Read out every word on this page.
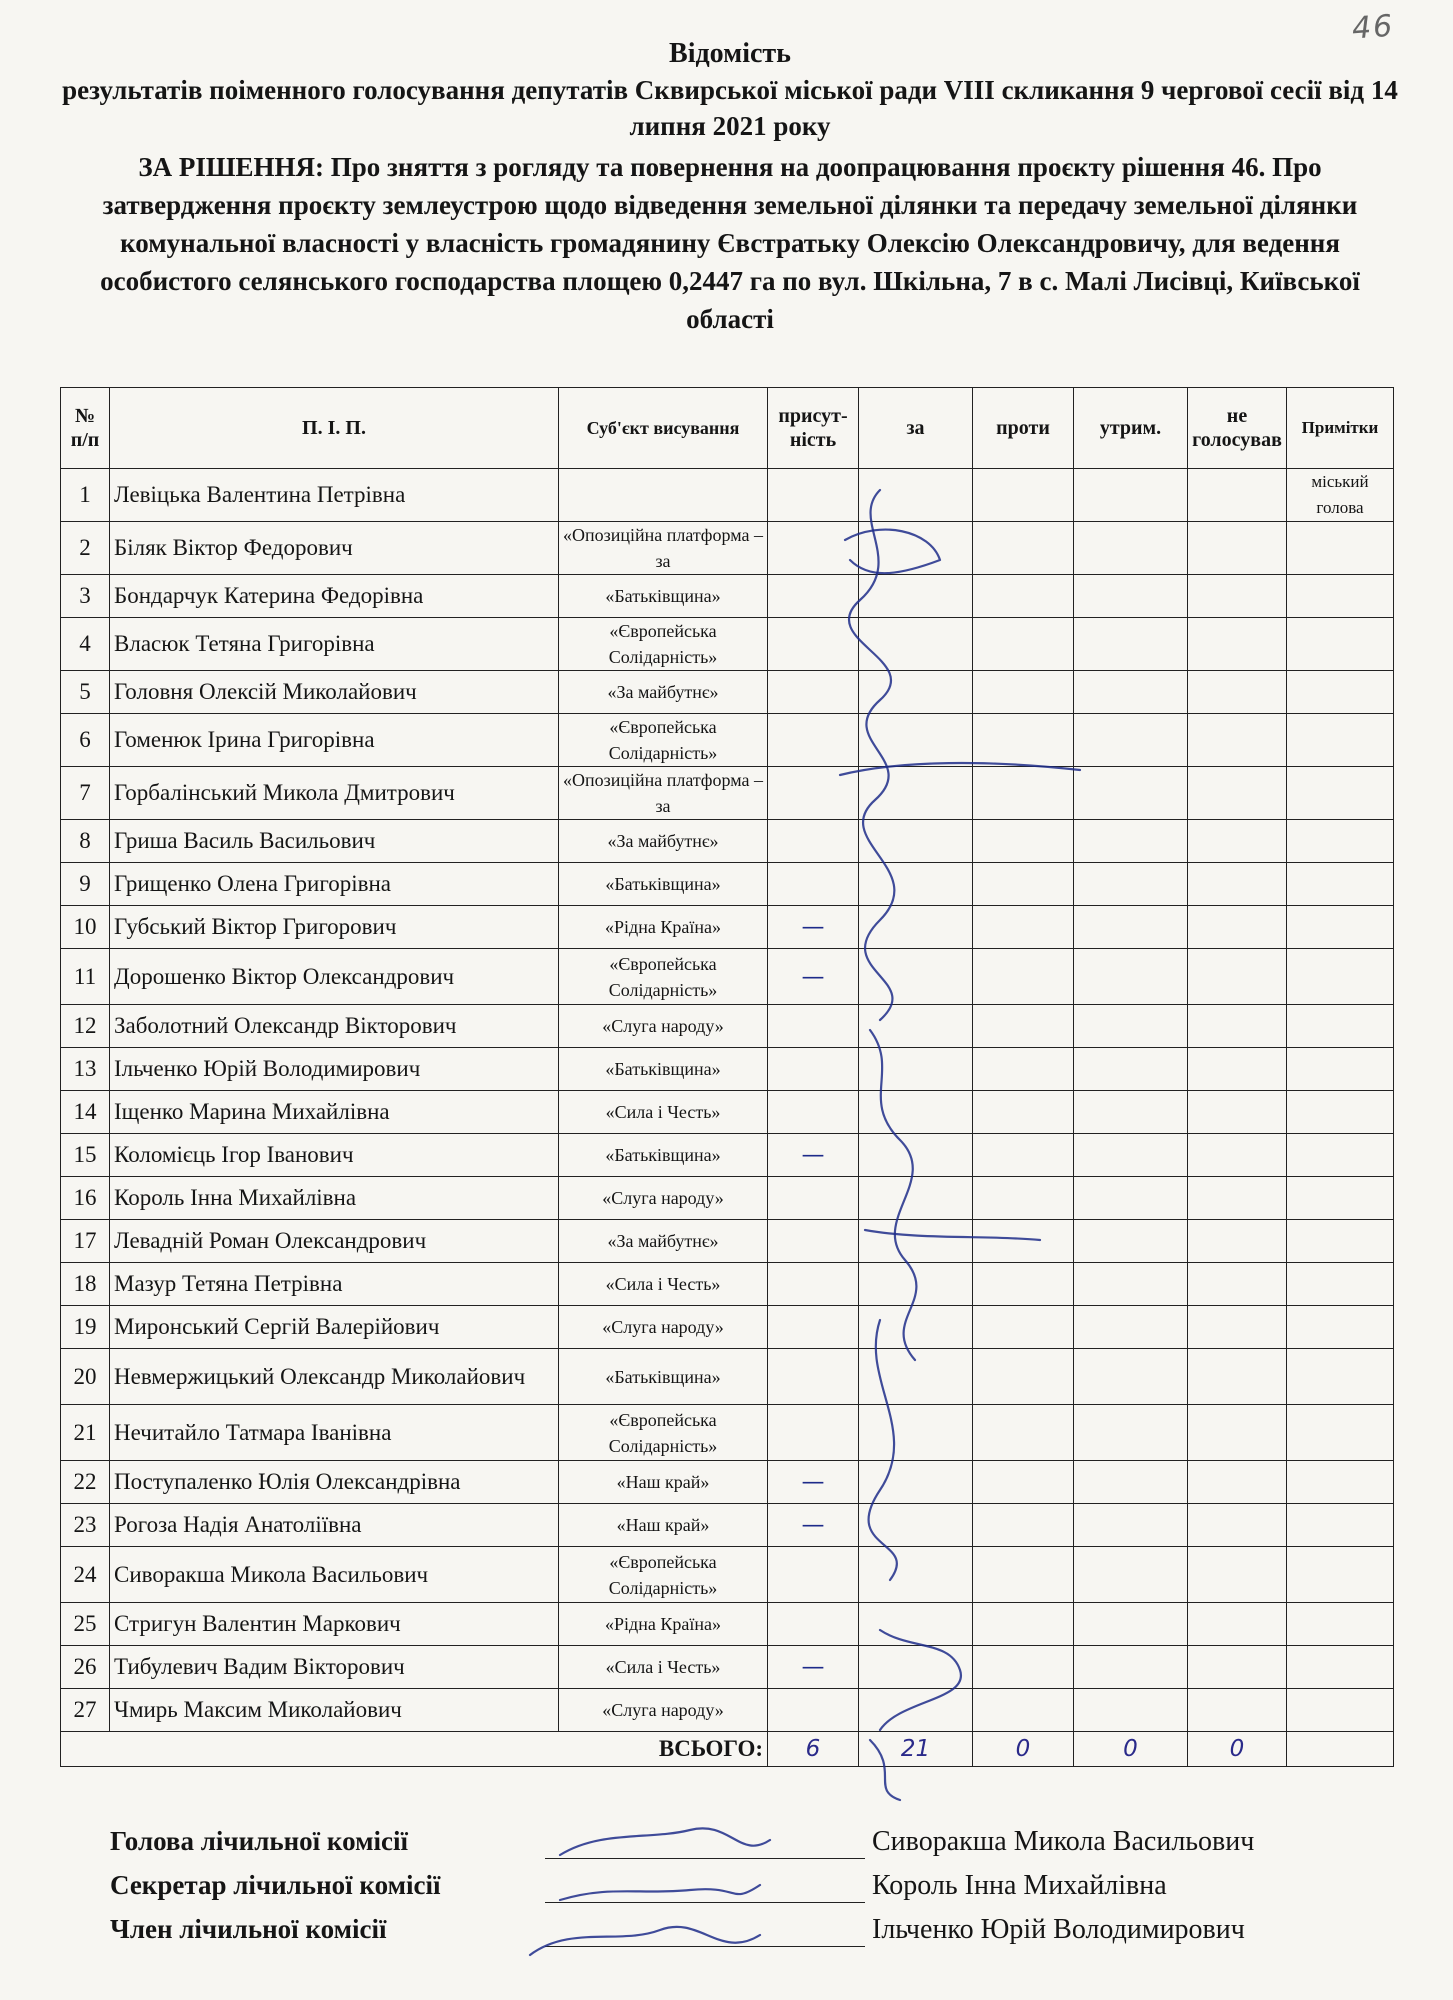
46
Відомість
результатів поіменного голосування депутатів Сквирської міської ради VIII скликання 9 чергової сесії від 14 липня 2021 року
ЗА РІШЕННЯ: Про зняття з рогляду та повернення на доопрацювання проєкту рішення 46. Про затвердження проєкту землеустрою щодо відведення земельної ділянки та передачу земельної ділянки комунальної власності у власність громадянину Євстратьку Олексію Олександровичу, для ведення особистого селянського господарства площею 0,2447 га по вул. Шкільна, 7 в с. Малі Лисівці, Київської області
№ п/п	П. І. П.	Суб'єкт висування	присут-ність	за	проти	утрим.	не голосував	Примітки
1	Левіцька Валентина Петрівна							міський голова
2	Біляк Віктор Федорович	«Опозиційна платформа – за						
3	Бондарчук Катерина Федорівна	«Батьківщина»						
4	Власюк Тетяна Григорівна	«Європейська Солідарність»						
5	Головня Олексій Миколайович	«За майбутнє»						
6	Гоменюк Ірина Григорівна	«Європейська Солідарність»						
7	Горбалінський Микола Дмитрович	«Опозиційна платформа – за						
8	Гриша Василь Васильович	«За майбутнє»						
9	Грищенко Олена Григорівна	«Батьківщина»						
10	Губський Віктор Григорович	«Рідна Країна»	—					
11	Дорошенко Віктор Олександрович	«Європейська Солідарність»	—					
12	Заболотний Олександр Вікторович	«Слуга народу»						
13	Ільченко Юрій Володимирович	«Батьківщина»						
14	Іщенко Марина Михайлівна	«Сила і Честь»						
15	Коломієць Ігор Іванович	«Батьківщина»	—					
16	Король Інна Михайлівна	«Слуга народу»						
17	Левадній Роман Олександрович	«За майбутнє»						
18	Мазур Тетяна Петрівна	«Сила і Честь»						
19	Миронський Сергій Валерійович	«Слуга народу»						
20	Невмержицький Олександр Миколайович	«Батьківщина»						
21	Нечитайло Татмара Іванівна	«Європейська Солідарність»						
22	Поступаленко Юлія Олександрівна	«Наш край»	—					
23	Рогоза Надія Анатоліївна	«Наш край»	—					
24	Сиворакша Микола Васильович	«Європейська Солідарність»						
25	Стригун Валентин Маркович	«Рідна Країна»						
26	Тибулевич Вадим Вікторович	«Сила і Честь»	—					
27	Чмирь Максим Миколайович	«Слуга народу»						
ВСЬОГО:			6	21	0	0	0	
Голова лічильної комісії	Сиворакша Микола Васильович
Секретар лічильної комісії	Король Інна Михайлівна
Член лічильної комісії	Ільченко Юрій Володимирович
